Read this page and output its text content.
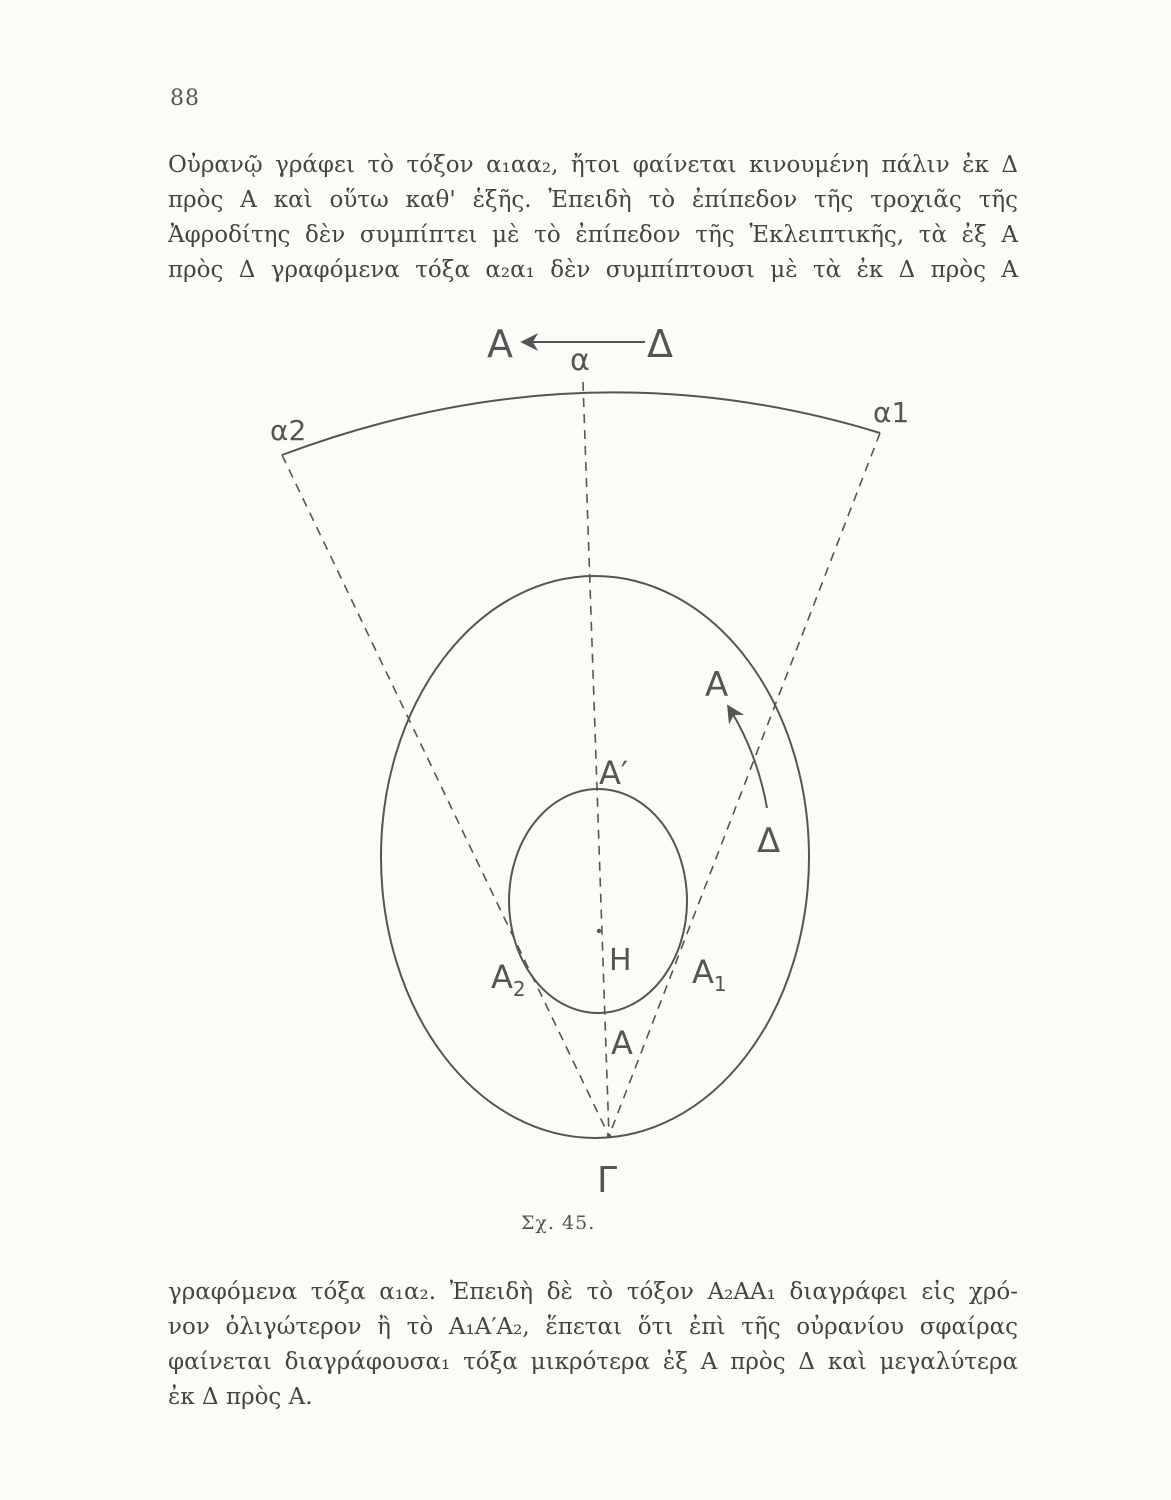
88
Οὐρανῷ γράφει τὸ τόξον α₁αα₂, ἤτοι φαίνεται κινουμένη πάλιν ἐκ Δ
πρὸς Α καὶ οὕτω καθ' ἑξῆς. Ἐπειδὴ τὸ ἐπίπεδον τῆς τροχιᾶς τῆς
Ἀφροδίτης δὲν συμπίπτει μὲ τὸ ἐπίπεδον τῆς Ἐκλειπτικῆς, τὰ ἐξ Α
πρὸς Δ γραφόμενα τόξα α₂α₁ δὲν συμπίπτουσι μὲ τὰ ἐκ Δ πρὸς Α
A	Δ
α
α2
α1
A
Δ
A′
H
$A_2$	$A_1$
A
Γ
Σχ. 45.
γραφόμενα τόξα α₁α₂. Ἐπειδὴ δὲ τὸ τόξον Α₂ΑΑ₁ διαγράφει εἰς χρό-
νον ὀλιγώτερον ἢ τὸ Α₁Α′Α₂, ἕπεται ὅτι ἐπὶ τῆς οὐρανίου σφαίρας
φαίνεται διαγράφουσα₁ τόξα μικρότερα ἐξ Α πρὸς Δ καὶ μεγαλύτερα
ἐκ Δ πρὸς Α.
